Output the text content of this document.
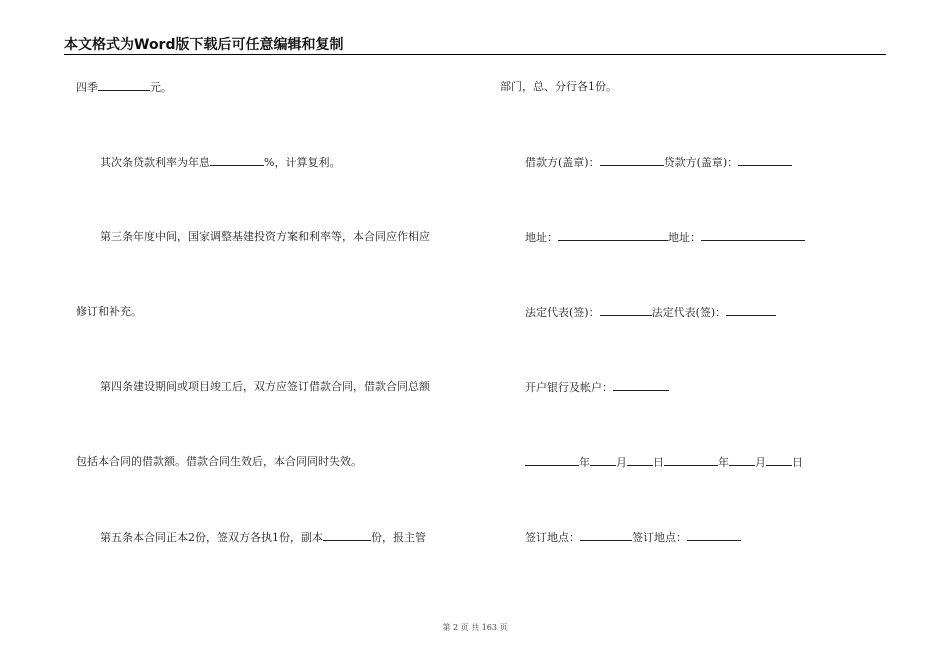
本文格式为Word版下载后可任意编辑和复制
四季	元。
其次条贷款利率为年息	%，计算复利。
第三条年度中间，国家调整基建投资方案和利率等，本合同应作相应
修订和补充。
第四条建设期间或项目竣工后，双方应签订借款合同，借款合同总额
包括本合同的借款额。借款合同生效后，本合同同时失效。
第五条本合同正本2份，签双方各执1份，副本	份，报主管
部门，总、分行各1份。
借款方(盖章)：	贷款方(盖章)：
地址：	地址：
法定代表(签)：	法定代表(签)：
开户银行及帐户：
年 月 日	年 月 日
签订地点：	签订地点：
第 2 页 共 163 页
